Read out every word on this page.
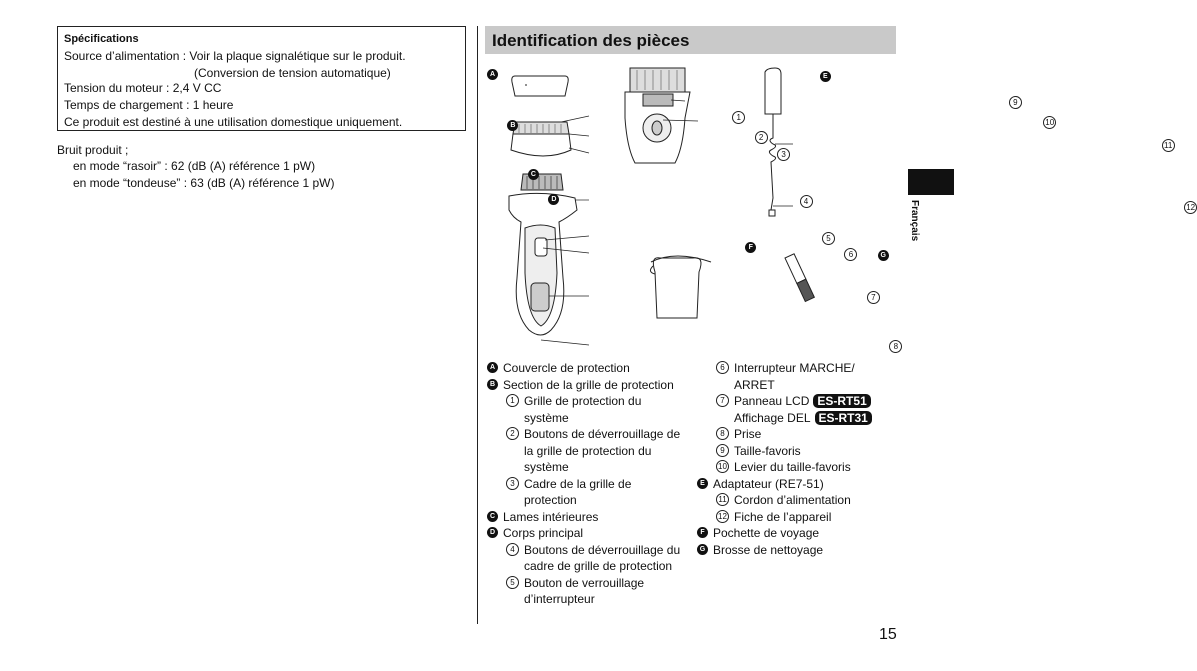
Spécifications
Source d’alimentation : Voir la plaque signalétique sur le produit.
(Conversion de tension automatique)
Tension du moteur : 2,4 V CC
Temps de chargement : 1 heure
Ce produit est destiné à une utilisation domestique uniquement.
Bruit produit ;
en mode “rasoir” : 62 (dB (A) référence 1 pW)
en mode “tondeuse” : 63 (dB (A) référence 1 pW)
Identification des pièces
A B C D E F G 1 2 3 4 5 6 7 8 9 10 11 12
A Couvercle de protection
B Section de la grille de protection
1 Grille de protection du
système
2 Boutons de déverrouillage de
la grille de protection du
système
3 Cadre de la grille de
protection
C Lames intérieures
D Corps principal
4 Boutons de déverrouillage du
cadre de grille de protection
5 Bouton de verrouillage
d’interrupteur
6 Interrupteur MARCHE/
ARRET
7 Panneau LCD ES-RT51
Affichage DEL ES-RT31
8 Prise
9 Taille-favoris
10 Levier du taille-favoris
E Adaptateur (RE7-51)
11 Cordon d’alimentation
12 Fiche de l’appareil
F Pochette de voyage
G Brosse de nettoyage
Français
15
